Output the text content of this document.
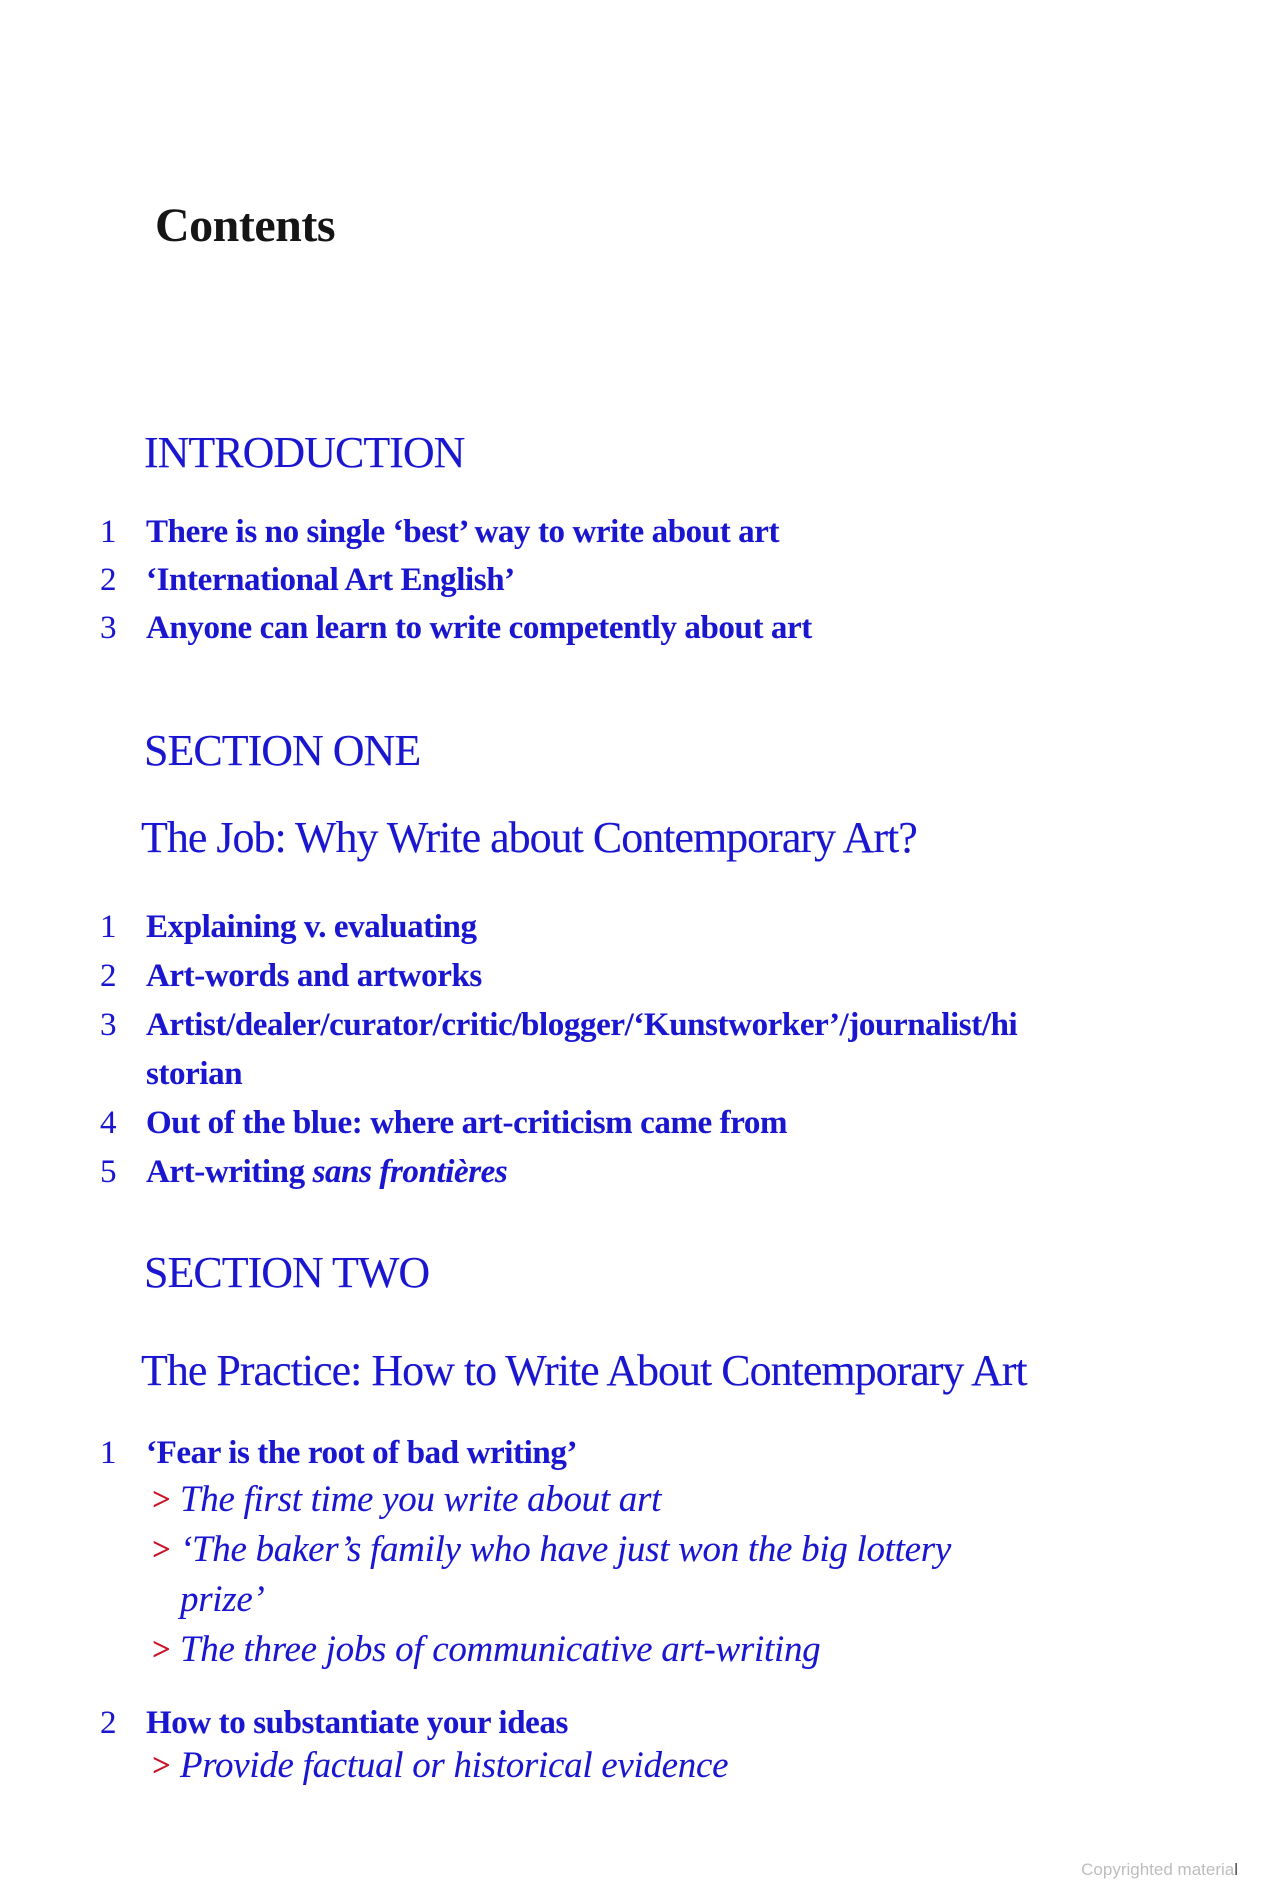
Contents
INTRODUCTION
1 There is no single ‘best’ way to write about art
2 ‘International Art English’
3 Anyone can learn to write competently about art
SECTION ONE
The Job: Why Write about Contemporary Art?
1 Explaining v. evaluating
2 Art-words and artworks
3 Artist/dealer/curator/critic/blogger/‘Kunstworker’/journalist/hi
storian
4 Out of the blue: where art-criticism came from
5 Art-writing sans frontières
SECTION TWO
The Practice: How to Write About Contemporary Art
1 ‘Fear is the root of bad writing’
> The first time you write about art
> ‘The baker’s family who have just won the big lottery
prize’
> The three jobs of communicative art-writing
2 How to substantiate your ideas
> Provide factual or historical evidence
Copyrighted material
